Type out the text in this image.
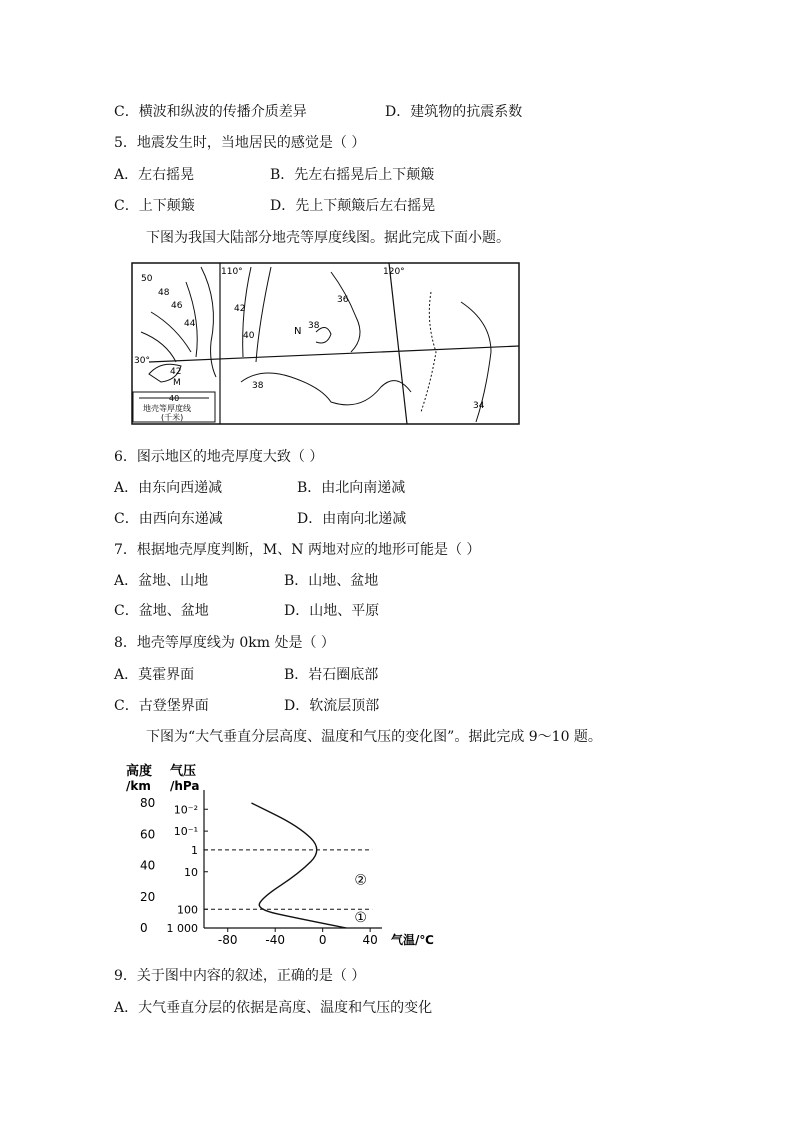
C．横波和纵波的传播介质差异	D．建筑物的抗震系数
5．地震发生时，当地居民的感觉是（ ）
A．左右摇晃	B．先左右摇晃后上下颠簸
C．上下颠簸	D．先上下颠簸后左右摇晃
下图为我国大陆部分地壳等厚度线图。据此完成下面小题。
50
48
46
44
42
40
36
38
42
38
34
110°	120°
30°
N
M
40
地壳等厚度线
(千米)
6．图示地区的地壳厚度大致（ ）
A．由东向西递减	B．由北向南递减
C．由西向东递减	D．由南向北递减
7．根据地壳厚度判断，M、N 两地对应的地形可能是（ ）
A．盆地、山地	B．山地、盆地
C．盆地、盆地	D．山地、平原
8．地壳等厚度线为 0km 处是（ ）
A．莫霍界面	B．岩石圈底部
C．古登堡界面	D．软流层顶部
下图为“大气垂直分层高度、温度和气压的变化图”。据此完成 9～10 题。
高度
/km
气压
/hPa
气温/℃
80
60
40
20
0
10⁻²
10⁻¹
1
10
100
1 000
-80 -40	0	40
②
①
9．关于图中内容的叙述，正确的是（ ）
A．大气垂直分层的依据是高度、温度和气压的变化
